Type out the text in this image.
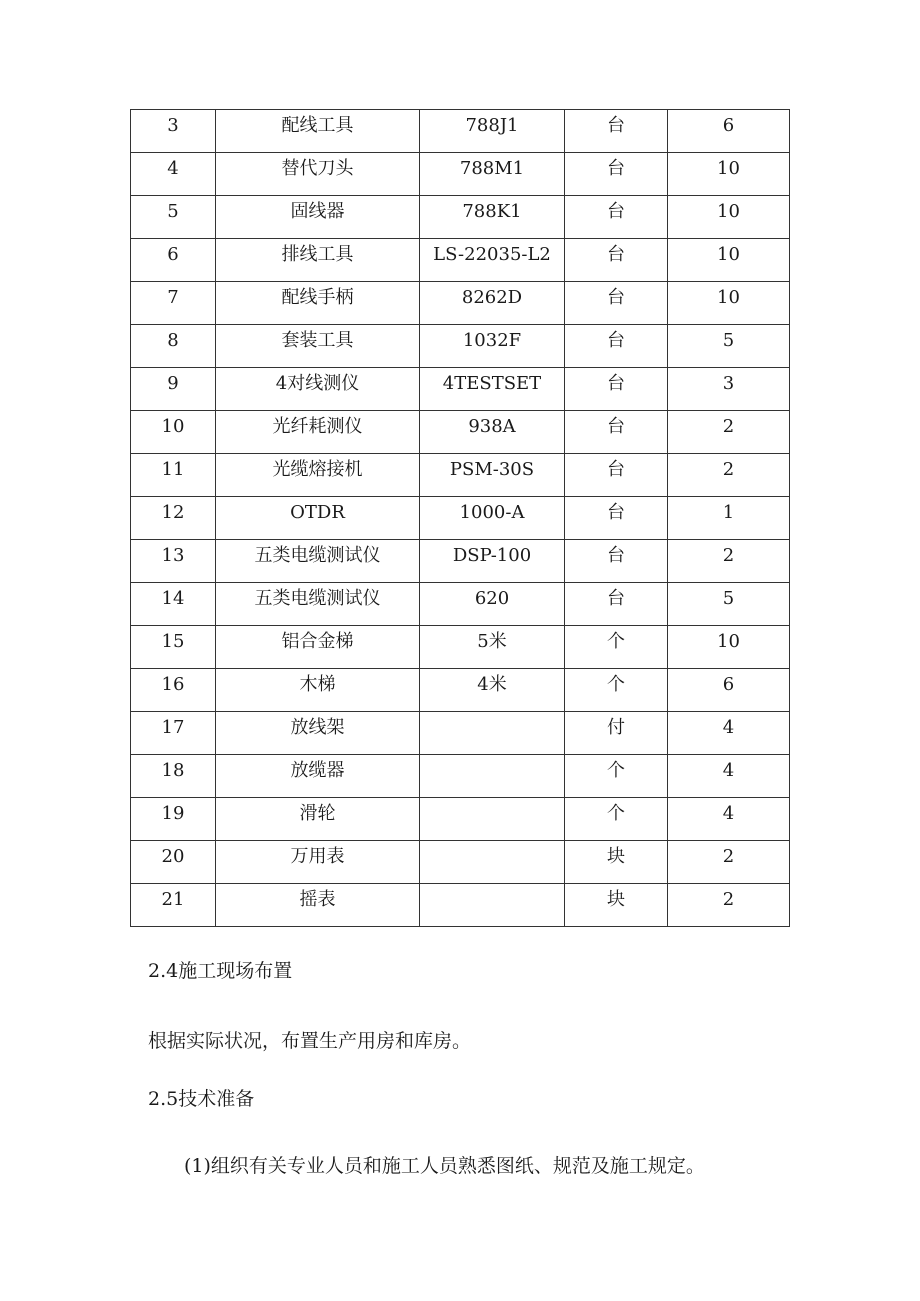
3	配线工具	788J1	台	6
4	替代刀头	788M1	台	10
5	固线器	788K1	台	10
6	排线工具	LS-22035-L2	台	10
7	配线手柄	8262D	台	10
8	套装工具	1032F	台	5
9	4对线测仪	4TESTSET	台	3
10	光纤耗测仪	938A	台	2
11	光缆熔接机	PSM-30S	台	2
12	OTDR	1000-A	台	1
13	五类电缆测试仪	DSP-100	台	2
14	五类电缆测试仪	620	台	5
15	铝合金梯	5米	个	10
16	木梯	4米	个	6
17	放线架		付	4
18	放缆器		个	4
19	滑轮		个	4
20	万用表		块	2
21	摇表		块	2
2.4施工现场布置
根据实际状况，布置生产用房和库房。
2.5技术准备
(1)组织有关专业人员和施工人员熟悉图纸、规范及施工规定。
